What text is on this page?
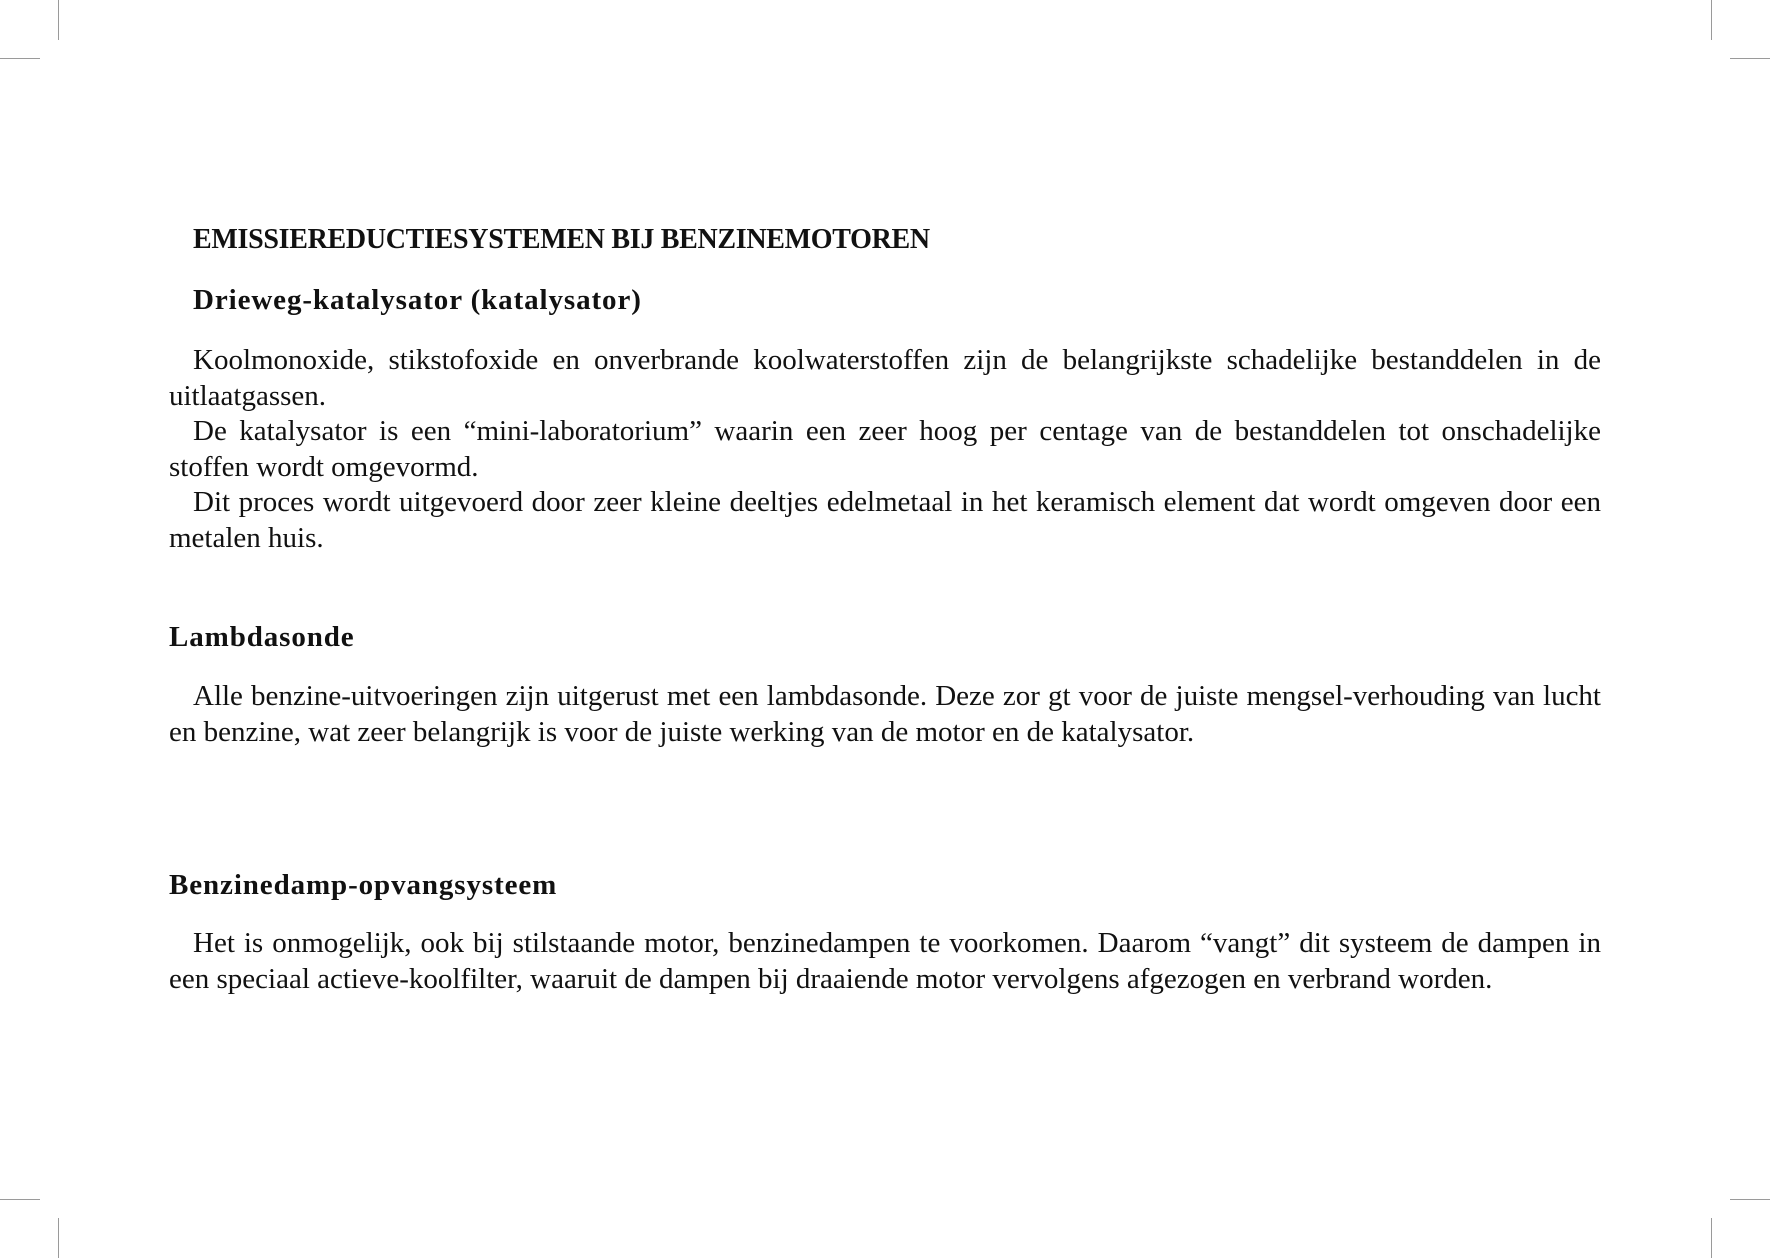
EMISSIEREDUCTIESYSTEMEN BIJ BENZINEMOTOREN
Drieweg-katalysator (katalysator)

Koolmonoxide, stikstofoxide en onverbrande koolwaterstoffen zijn de belangrijkste schadelijke bestanddelen in de uitlaatgassen.

De katalysator is een “mini-laboratorium” waarin een zeer hoog per centage van de bestanddelen tot onschadelijke stoffen wordt omgevormd.

Dit proces wordt uitgevoerd door zeer kleine deeltjes edelmetaal in het keramisch element dat wordt omgeven door een metalen huis.

Lambdasonde

Alle benzine-uitvoeringen zijn uitgerust met een lambdasonde. Deze zor gt voor de juiste mengsel-verhouding van lucht en benzine, wat zeer belangrijk is voor de juiste werking van de motor en de katalysator.

Benzinedamp-opvangsysteem

Het is onmogelijk, ook bij stilstaande motor, benzinedampen te voorkomen. Daarom “vangt” dit systeem de dampen in een speciaal actieve-koolfilter, waaruit de dampen bij draaiende motor vervolgens afgezogen en verbrand worden.
